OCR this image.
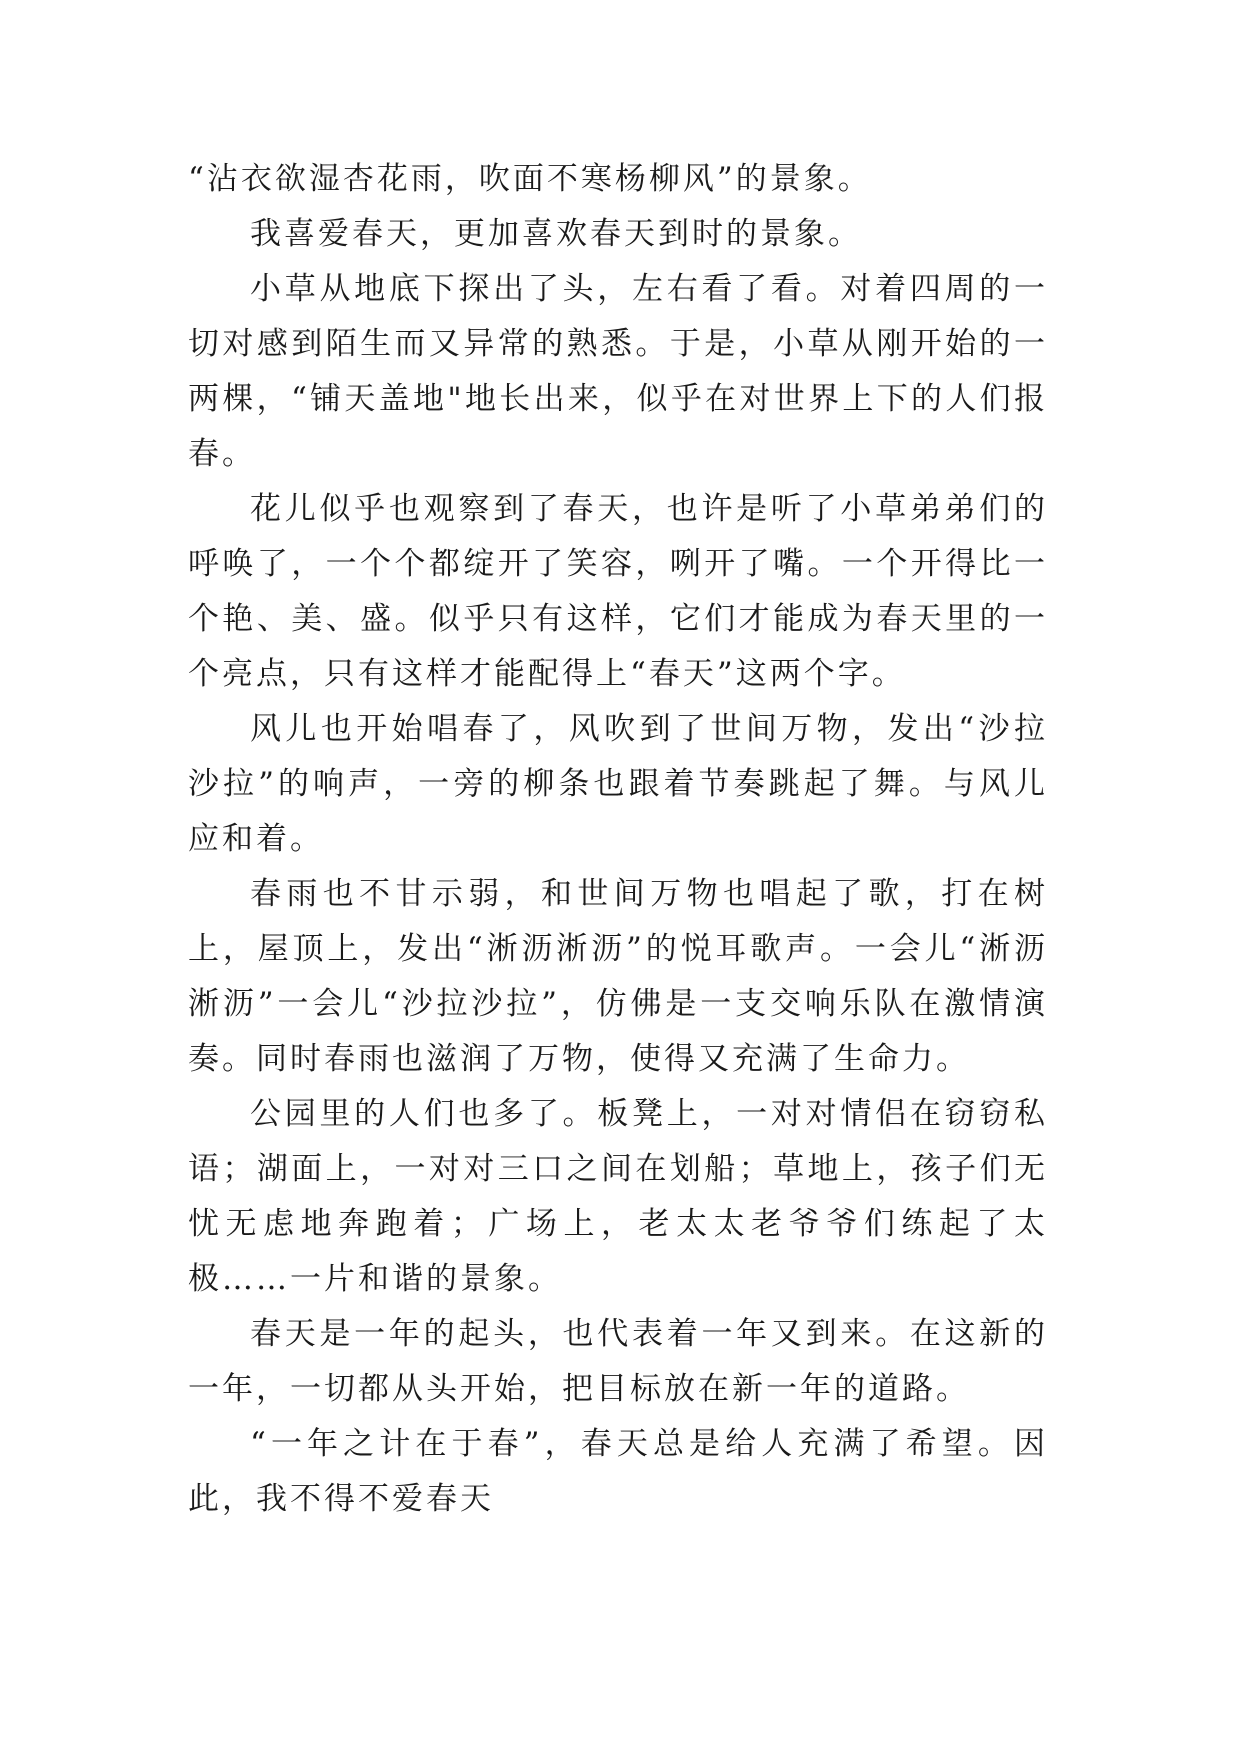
“沾衣欲湿杏花雨，吹面不寒杨柳风”的景象。

我喜爱春天，更加喜欢春天到时的景象。

小草从地底下探出了头，左右看了看。对着四周的一切对感到陌生而又异常的熟悉。于是，小草从刚开始的一两棵，“铺天盖地"地长出来，似乎在对世界上下的人们报春。

花儿似乎也观察到了春天，也许是听了小草弟弟们的呼唤了，一个个都绽开了笑容，咧开了嘴。一个开得比一个艳、美、盛。似乎只有这样，它们才能成为春天里的一个亮点，只有这样才能配得上“春天”这两个字。

风儿也开始唱春了，风吹到了世间万物，发出“沙拉沙拉”的响声，一旁的柳条也跟着节奏跳起了舞。与风儿应和着。

春雨也不甘示弱，和世间万物也唱起了歌，打在树上，屋顶上，发出“淅沥淅沥”的悦耳歌声。一会儿“淅沥淅沥”一会儿“沙拉沙拉”，仿佛是一支交响乐队在激情演奏。同时春雨也滋润了万物，使得又充满了生命力。

公园里的人们也多了。板凳上，一对对情侣在窃窃私语；湖面上，一对对三口之间在划船；草地上，孩子们无忧无虑地奔跑着；广场上，老太太老爷爷们练起了太极……一片和谐的景象。

春天是一年的起头，也代表着一年又到来。在这新的一年，一切都从头开始，把目标放在新一年的道路。

“一年之计在于春”，春天总是给人充满了希望。因此，我不得不爱春天
